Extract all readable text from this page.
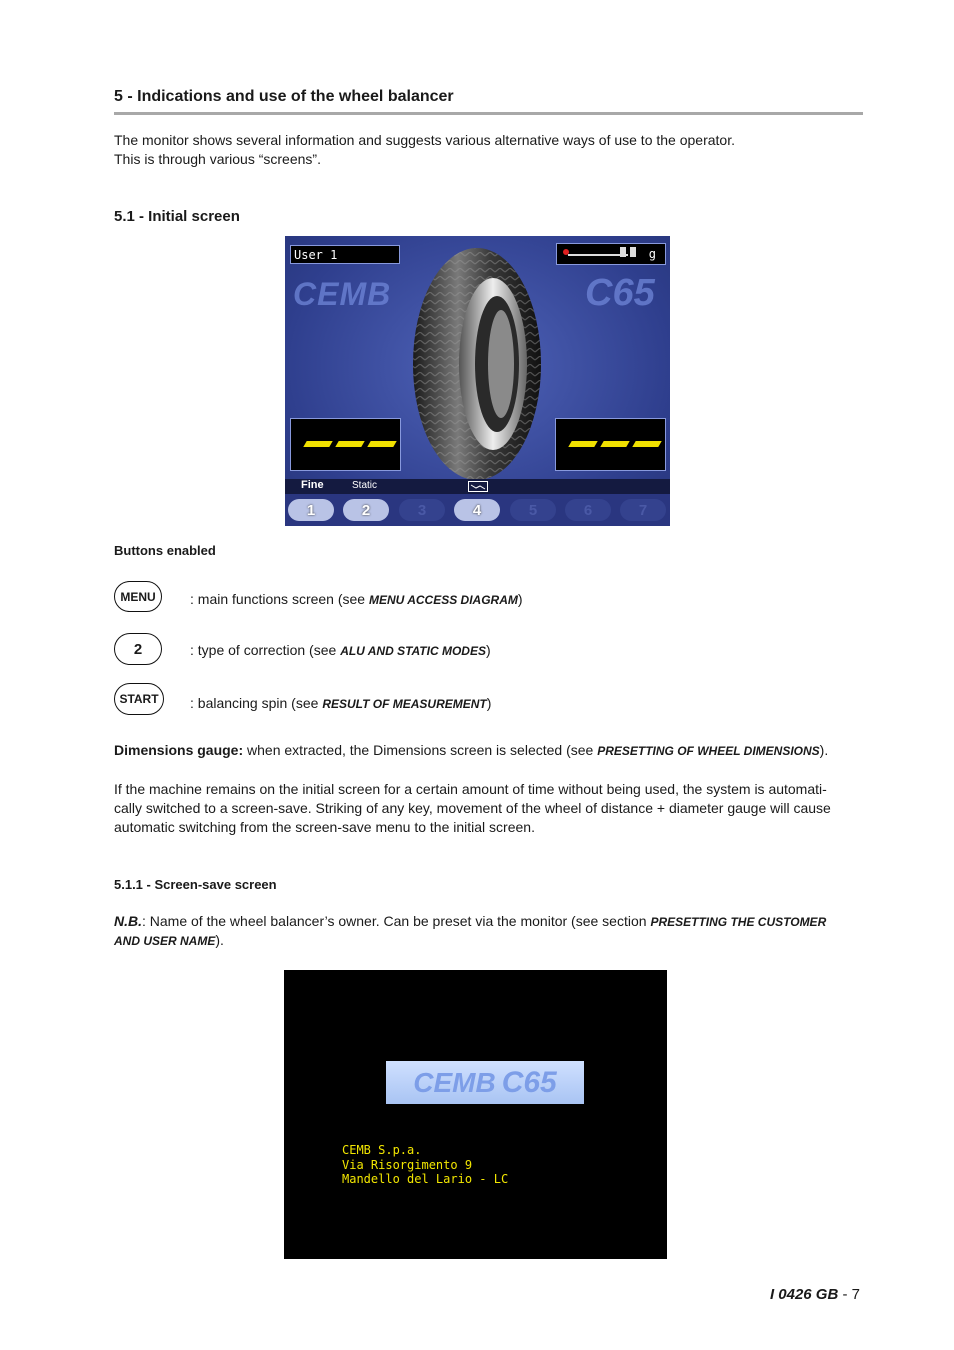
5 - Indications and use of the wheel balancer
The monitor shows several information and suggests various alternative ways of use to the operator.
This is through various “screens”.
5.1 - Initial screen
User 1	g
CEMB	C65
Fine	Static
1	2	3	4	5	6	7
Buttons enabled
MENU	: main functions screen (see MENU ACCESS DIAGRAM)
2	: type of correction (see ALU AND STATIC MODES)
START	: balancing spin (see RESULT OF MEASUREMENT)
Dimensions gauge: when extracted, the Dimensions screen is selected (see PRESETTING OF WHEEL DIMENSIONS).
If the machine remains on the initial screen for a certain amount of time without being used, the system is automati-
cally switched to a screen-save. Striking of any key, movement of the wheel of distance + diameter gauge will cause
automatic switching from the screen-save menu to the initial screen.
5.1.1 - Screen-save screen
N.B.: Name of the wheel balancer’s owner. Can be preset via the monitor (see section PRESETTING THE CUSTOMER
AND USER NAME).
CEMB C65
CEMB S.p.a.
Via Risorgimento 9
Mandello del Lario - LC
I 0426 GB - 7
